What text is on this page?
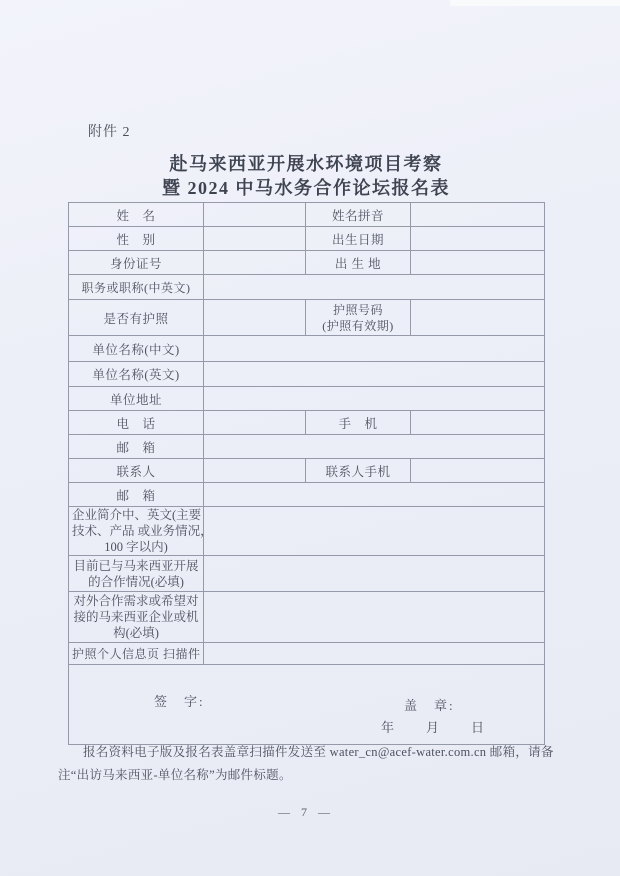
附件 2
赴马来西亚开展水环境项目考察
暨 2024 中马水务合作论坛报名表
姓　名		姓名拼音	
性　别		出生日期	
身份证号		出 生 地	
职务或职称(中英文)			
是否有护照		护照号码
(护照有效期)	

单位名称(中文)			
单位名称(英文)			
单位地址			
电　话		手　机	
邮　箱			
联系人		联系人手机	
邮　箱			

企业简介中、英文(主要
技术、产品 或业务情况，
100 字以内)			

目前已与马来西亚开展
的合作情况(必填)			

对外合作需求或希望对
接的马来西亚企业或机
构(必填)			

护照个人信息页 扫描件			

签　字: 盖　章:
年　　月　　日			

报名资料电子版及报名表盖章扫描件发送至 water_cn@acef-water.com.cn 邮箱，请备注“出访马来西亚-单位名称”为邮件标题。

— 7 —
